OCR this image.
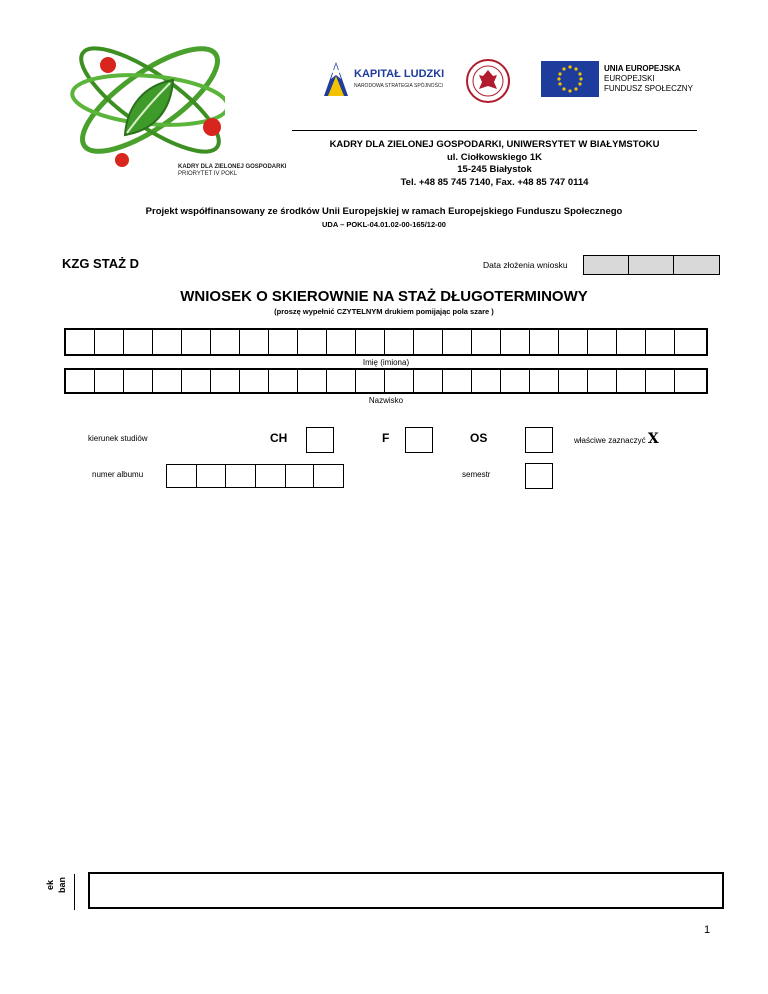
KADRY DLA ZIELONEJ GOSPODARKI
PRIORYTET IV POKL
KAPITAŁ LUDZKI
NARODOWA STRATEGIA SPÓJNOŚCI
UNIA EUROPEJSKA
EUROPEJSKI
FUNDUSZ SPOŁECZNY
KADRY DLA ZIELONEJ GOSPODARKI, UNIWERSYTET W BIAŁYMSTOKU
ul. Ciołkowskiego 1K
15-245 Białystok
Tel. +48 85 745 7140, Fax. +48 85 747 0114
Projekt współfinansowany ze środków Unii Europejskiej w ramach Europejskiego Funduszu Społecznego
UDA – POKL-04.01.02-00-165/12-00
KZG STAŻ D	Data złożenia wniosku
WNIOSEK O SKIEROWNIE NA STAŻ DŁUGOTERMINOWY
(proszę wypełnić CZYTELNYM drukiem pomijając pola szare )
Imię (imiona)
Nazwisko
kierunek studiów	CH	F	OS	właściwe zaznaczyć X
numer albumu	semestr
ek ban
1
